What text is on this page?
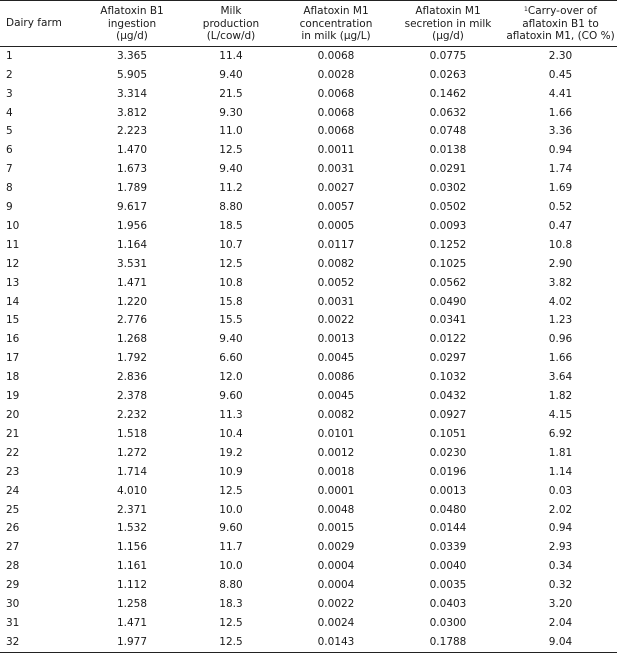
Dairy farm	Aflatoxin B1
ingestion
(µg/d)	Milk
production
(L/cow/d)	Aflatoxin M1
concentration
in milk (µg/L)	Aflatoxin M1
secretion in milk
(µg/d)	$^1$Carry-over of
aflatoxin B1 to
aflatoxin M1, (CO %)

1	3.365	11.4	0.0068	0.0775	2.30
2	5.905	9.40	0.0028	0.0263	0.45
3	3.314	21.5	0.0068	0.1462	4.41
4	3.812	9.30	0.0068	0.0632	1.66
5	2.223	11.0	0.0068	0.0748	3.36
6	1.470	12.5	0.0011	0.0138	0.94
7	1.673	9.40	0.0031	0.0291	1.74
8	1.789	11.2	0.0027	0.0302	1.69
9	9.617	8.80	0.0057	0.0502	0.52
10	1.956	18.5	0.0005	0.0093	0.47
11	1.164	10.7	0.0117	0.1252	10.8
12	3.531	12.5	0.0082	0.1025	2.90
13	1.471	10.8	0.0052	0.0562	3.82
14	1.220	15.8	0.0031	0.0490	4.02
15	2.776	15.5	0.0022	0.0341	1.23
16	1.268	9.40	0.0013	0.0122	0.96
17	1.792	6.60	0.0045	0.0297	1.66
18	2.836	12.0	0.0086	0.1032	3.64
19	2.378	9.60	0.0045	0.0432	1.82
20	2.232	11.3	0.0082	0.0927	4.15
21	1.518	10.4	0.0101	0.1051	6.92
22	1.272	19.2	0.0012	0.0230	1.81
23	1.714	10.9	0.0018	0.0196	1.14
24	4.010	12.5	0.0001	0.0013	0.03
25	2.371	10.0	0.0048	0.0480	2.02
26	1.532	9.60	0.0015	0.0144	0.94
27	1.156	11.7	0.0029	0.0339	2.93
28	1.161	10.0	0.0004	0.0040	0.34
29	1.112	8.80	0.0004	0.0035	0.32
30	1.258	18.3	0.0022	0.0403	3.20
31	1.471	12.5	0.0024	0.0300	2.04
32	1.977	12.5	0.0143	0.1788	9.04
